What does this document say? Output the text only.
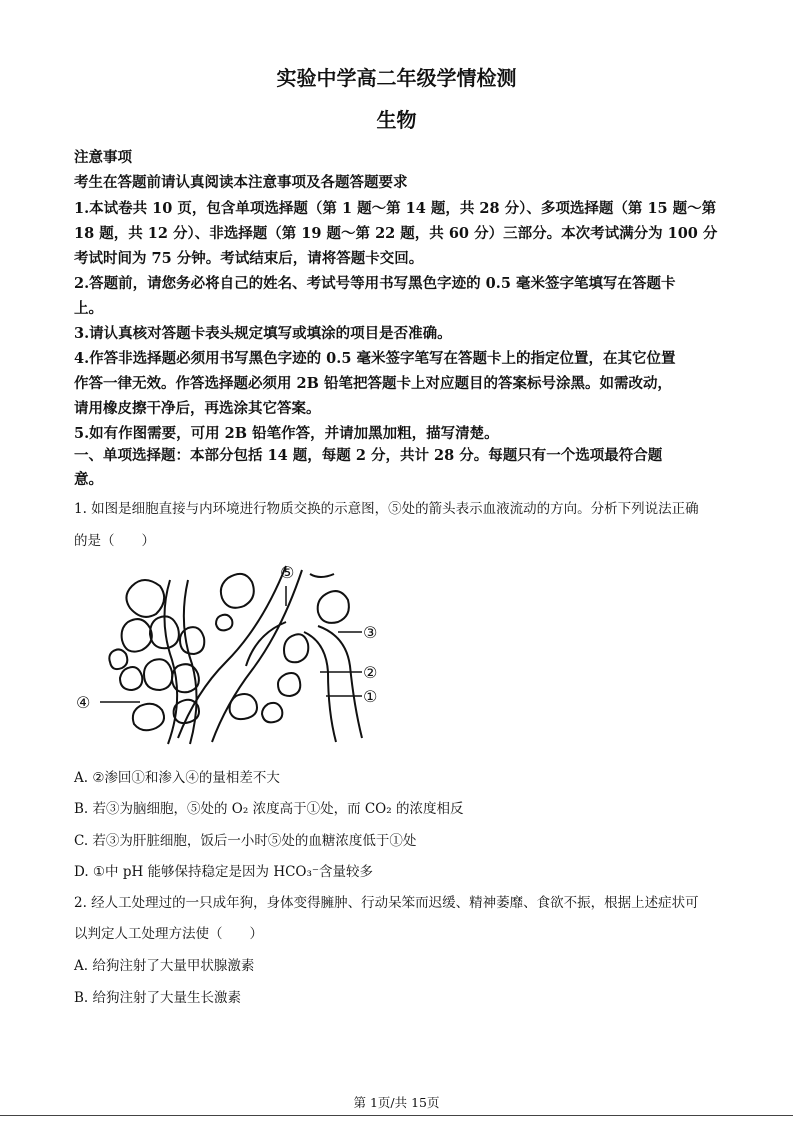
实验中学高二年级学情检测
生物
注意事项
考生在答题前请认真阅读本注意事项及各题答题要求
1.本试卷共 10 页，包含单项选择题（第 1 题～第 14 题，共 28 分）、多项选择题（第 15 题～第
18 题，共 12 分）、非选择题（第 19 题～第 22 题，共 60 分）三部分。本次考试满分为 100 分
考试时间为 75 分钟。考试结束后，请将答题卡交回。
2.答题前，请您务必将自己的姓名、考试号等用书写黑色字迹的 0.5 毫米签字笔填写在答题卡
上。
3.请认真核对答题卡表头规定填写或填涂的项目是否准确。
4.作答非选择题必须用书写黑色字迹的 0.5 毫米签字笔写在答题卡上的指定位置，在其它位置
作答一律无效。作答选择题必须用 2B 铅笔把答题卡上对应题目的答案标号涂黑。如需改动，
请用橡皮擦干净后，再选涂其它答案。
5.如有作图需要，可用 2B 铅笔作答，并请加黑加粗，描写清楚。
一、单项选择题：本部分包括 14 题，每题 2 分，共计 28 分。每题只有一个选项最符合题
意。
1. 如图是细胞直接与内环境进行物质交换的示意图，⑤处的箭头表示血液流动的方向。分析下列说法正确
的是（　　）
⑤
③
②
①
④
A. ②渗回①和渗入④的量相差不大
B. 若③为脑细胞，⑤处的 O₂ 浓度高于①处，而 CO₂ 的浓度相反
C. 若③为肝脏细胞，饭后一小时⑤处的血糖浓度低于①处
D. ①中 pH 能够保持稳定是因为 HCO₃⁻含量较多
2. 经人工处理过的一只成年狗，身体变得臃肿、行动呆笨而迟缓、精神萎靡、食欲不振，根据上述症状可
以判定人工处理方法使（　　）
A. 给狗注射了大量甲状腺激素
B. 给狗注射了大量生长激素
第 1页/共 15页
